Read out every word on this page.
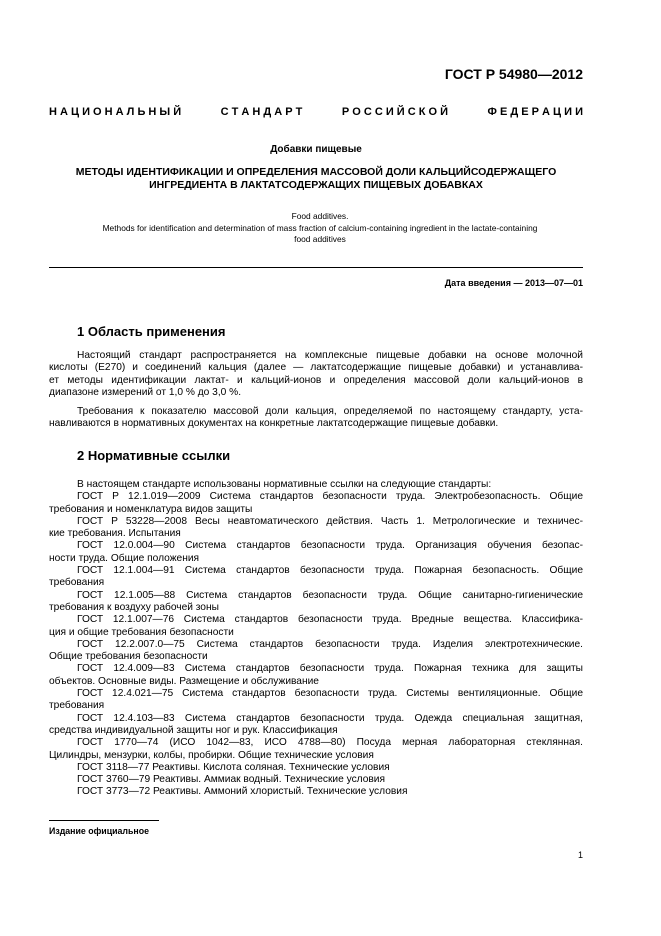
ГОСТ Р 54980—2012
Н А Ц И О Н А Л Ь Н Ы Й	С Т А Н Д А Р Т	Р О С С И Й С К О Й	Ф Е Д Е Р А Ц И И
Добавки пищевые
МЕТОДЫ ИДЕНТИФИКАЦИИ И ОПРЕДЕЛЕНИЯ МАССОВОЙ ДОЛИ КАЛЬЦИЙСОДЕРЖАЩЕГО
ИНГРЕДИЕНТА В ЛАКТАТСОДЕРЖАЩИХ ПИЩЕВЫХ ДОБАВКАХ
Food additives.
Methods for identification and determination of mass fraction of calcium-containing ingredient in the lactate-containing
food additives
Дата введения — 2013—07—01
1 Область применения
Настоящий стандарт распространяется на комплексные пищевые добавки на основе молочной
кислоты (E270) и соединений кальция (далее — лактатсодержащие пищевые добавки) и устанавлива-
ет методы идентификации лактат- и кальций-ионов и определения массовой доли кальций-ионов в
диапазоне измерений от 1,0 % до 3,0 %.
Требования к показателю массовой доли кальция, определяемой по настоящему стандарту, уста-
навливаются в нормативных документах на конкретные лактатсодержащие пищевые добавки.
2 Нормативные ссылки
В настоящем стандарте использованы нормативные ссылки на следующие стандарты:
ГОСТ Р 12.1.019—2009 Система стандартов безопасности труда. Электробезопасность. Общие
требования и номенклатура видов защиты
ГОСТ Р 53228—2008 Весы неавтоматического действия. Часть 1. Метрологические и техничес-
кие требования. Испытания
ГОСТ 12.0.004—90 Система стандартов безопасности труда. Организация обучения безопас-
ности труда. Общие положения
ГОСТ 12.1.004—91 Система стандартов безопасности труда. Пожарная безопасность. Общие
требования
ГОСТ 12.1.005—88 Система стандартов безопасности труда. Общие санитарно-гигиенические
требования к воздуху рабочей зоны
ГОСТ 12.1.007—76 Система стандартов безопасности труда. Вредные вещества. Классифика-
ция и общие требования безопасности
ГОСТ 12.2.007.0—75 Система стандартов безопасности труда. Изделия электротехнические.
Общие требования безопасности
ГОСТ 12.4.009—83 Система стандартов безопасности труда. Пожарная техника для защиты
объектов. Основные виды. Размещение и обслуживание
ГОСТ 12.4.021—75 Система стандартов безопасности труда. Системы вентиляционные. Общие
требования
ГОСТ 12.4.103—83 Система стандартов безопасности труда. Одежда специальная защитная,
средства индивидуальной защиты ног и рук. Классификация
ГОСТ 1770—74 (ИСО 1042—83, ИСО 4788—80) Посуда мерная лабораторная стеклянная.
Цилиндры, мензурки, колбы, пробирки. Общие технические условия
ГОСТ 3118—77 Реактивы. Кислота соляная. Технические условия
ГОСТ 3760—79 Реактивы. Аммиак водный. Технические условия
ГОСТ 3773—72 Реактивы. Аммоний хлористый. Технические условия
Издание официальное
1
